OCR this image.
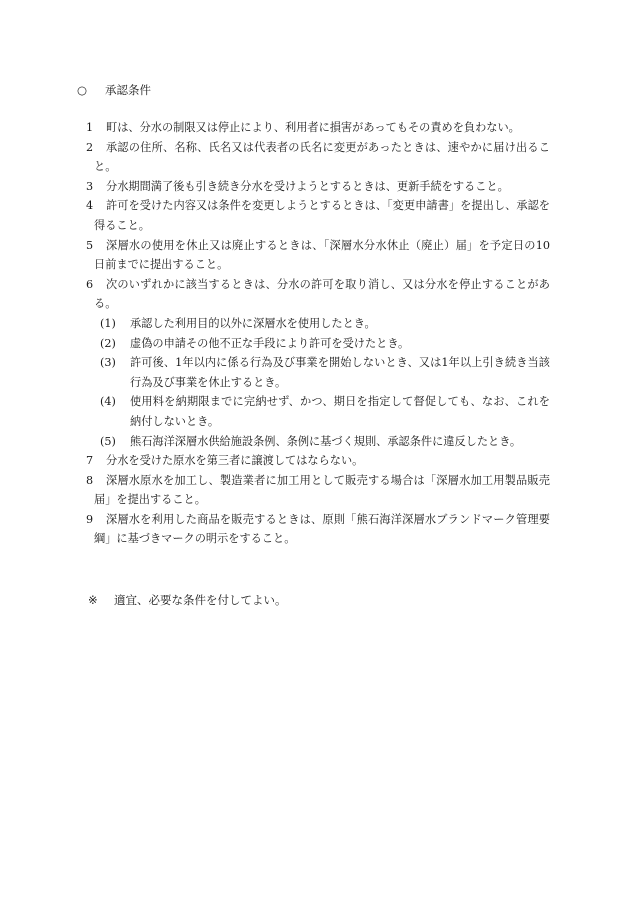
○ 承認条件
1	町は、分水の制限又は停止により、利用者に損害があってもその責めを負わない。
2	承認の住所、名称、氏名又は代表者の氏名に変更があったときは、速やかに届け出ること。
3	分水期間満了後も引き続き分水を受けようとするときは、更新手続をすること。
4	許可を受けた内容又は条件を変更しようとするときは、「変更申請書」を提出し、承認を得ること。
5	深層水の使用を休止又は廃止するときは、「深層水分水休止（廃止）届」を予定日の10日前までに提出すること。
6	次のいずれかに該当するときは、分水の許可を取り消し、又は分水を停止することがある。
(1)	承認した利用目的以外に深層水を使用したとき。
(2)	虚偽の申請その他不正な手段により許可を受けたとき。
(3)	許可後、1年以内に係る行為及び事業を開始しないとき、又は1年以上引き続き当該行為及び事業を休止するとき。
(4)	使用料を納期限までに完納せず、かつ、期日を指定して督促しても、なお、これを納付しないとき。
(5)	熊石海洋深層水供給施設条例、条例に基づく規則、承認条件に違反したとき。
7	分水を受けた原水を第三者に譲渡してはならない。
8	深層水原水を加工し、製造業者に加工用として販売する場合は「深層水加工用製品販売届」を提出すること。
9	深層水を利用した商品を販売するときは、原則「熊石海洋深層水ブランドマーク管理要綱」に基づきマークの明示をすること。
※ 適宜、必要な条件を付してよい。
